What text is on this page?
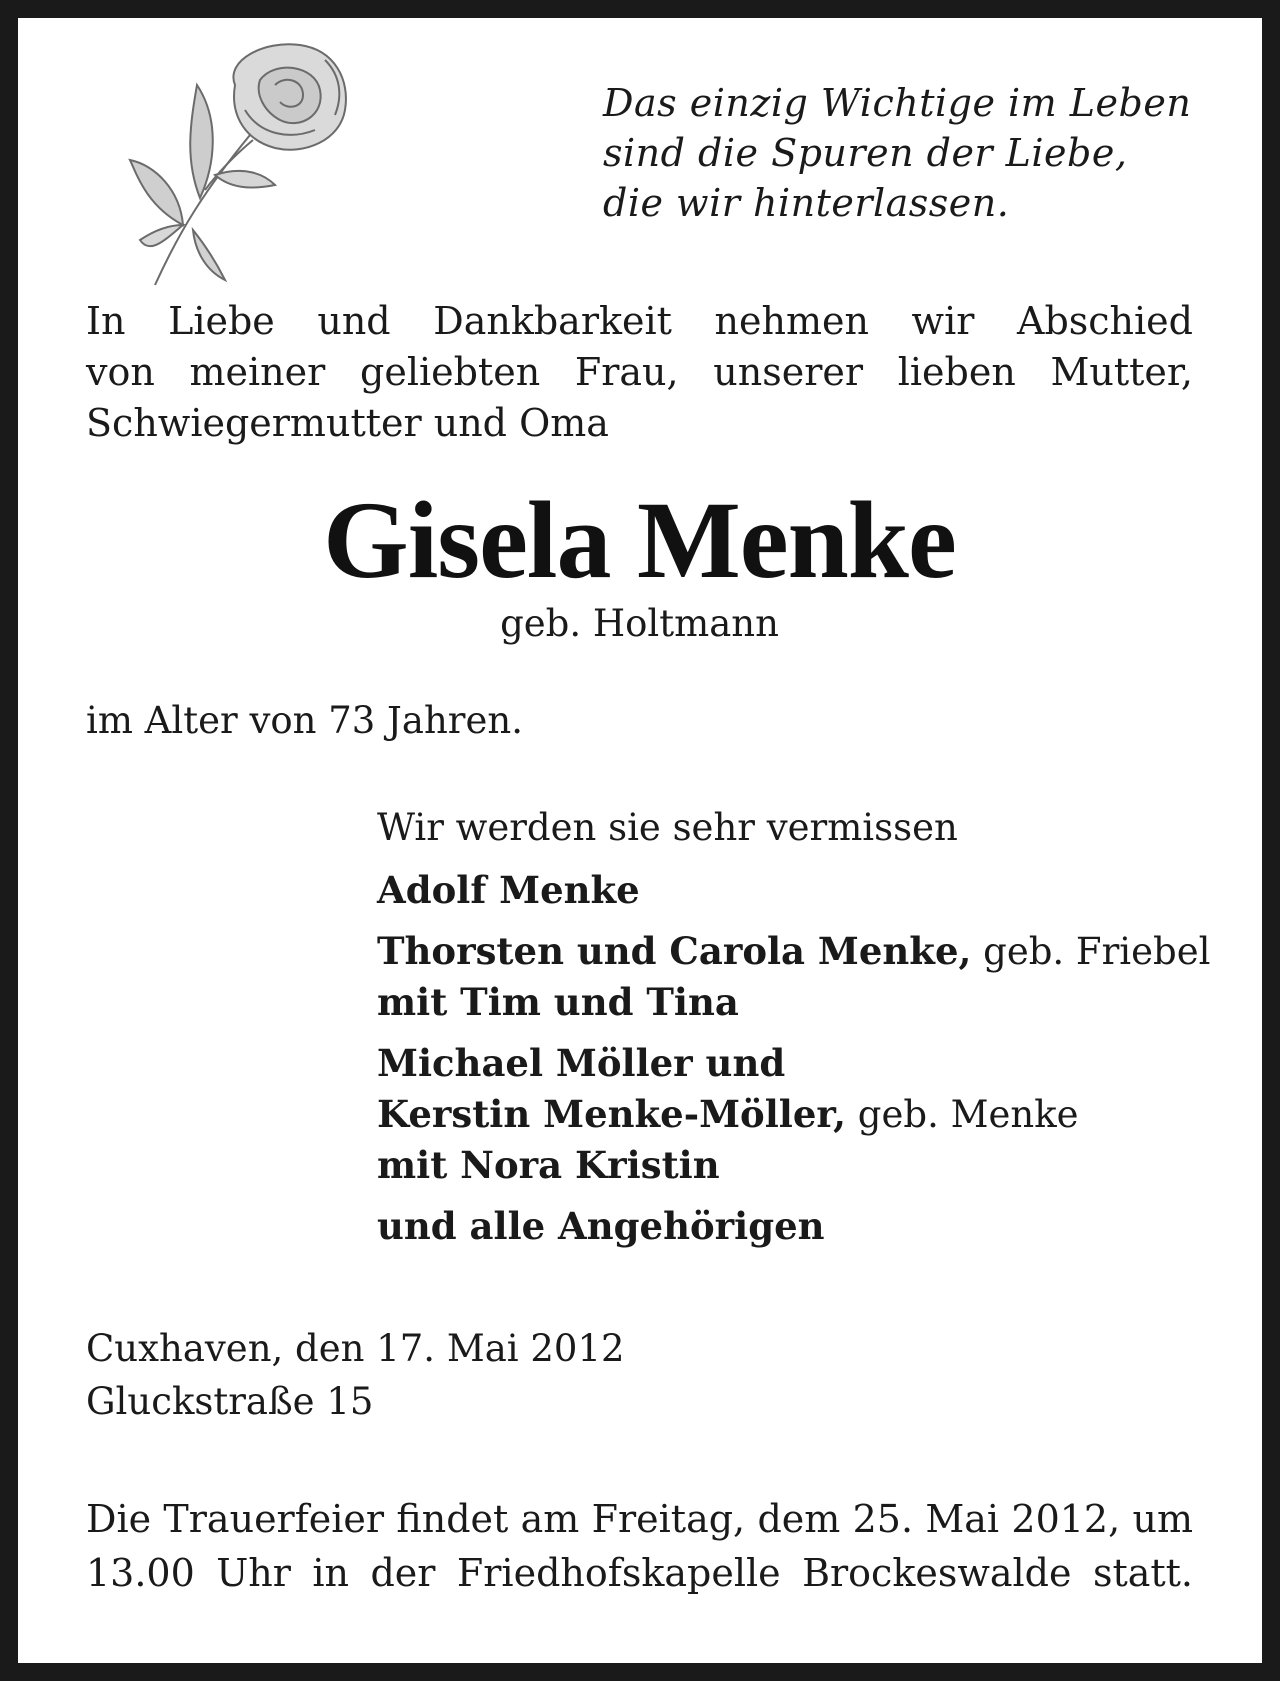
Das einzig Wichtige im Leben
sind die Spuren der Liebe,
die wir hinterlassen.
In Liebe und Dankbarkeit nehmen wir Abschied
von meiner geliebten Frau, unserer lieben Mutter,
Schwiegermutter und Oma
Gisela Menke
geb. Holtmann
im Alter von 73 Jahren.
Wir werden sie sehr vermissen
Adolf Menke
Thorsten und Carola Menke, geb. Friebel
mit Tim und Tina
Michael Möller und
Kerstin Menke-Möller, geb. Menke
mit Nora Kristin
und alle Angehörigen
Cuxhaven, den 17. Mai 2012
Gluckstraße 15
Die Trauerfeier findet am Freitag, dem 25. Mai 2012, um
13.00 Uhr in der Friedhofskapelle Brockeswalde statt.
